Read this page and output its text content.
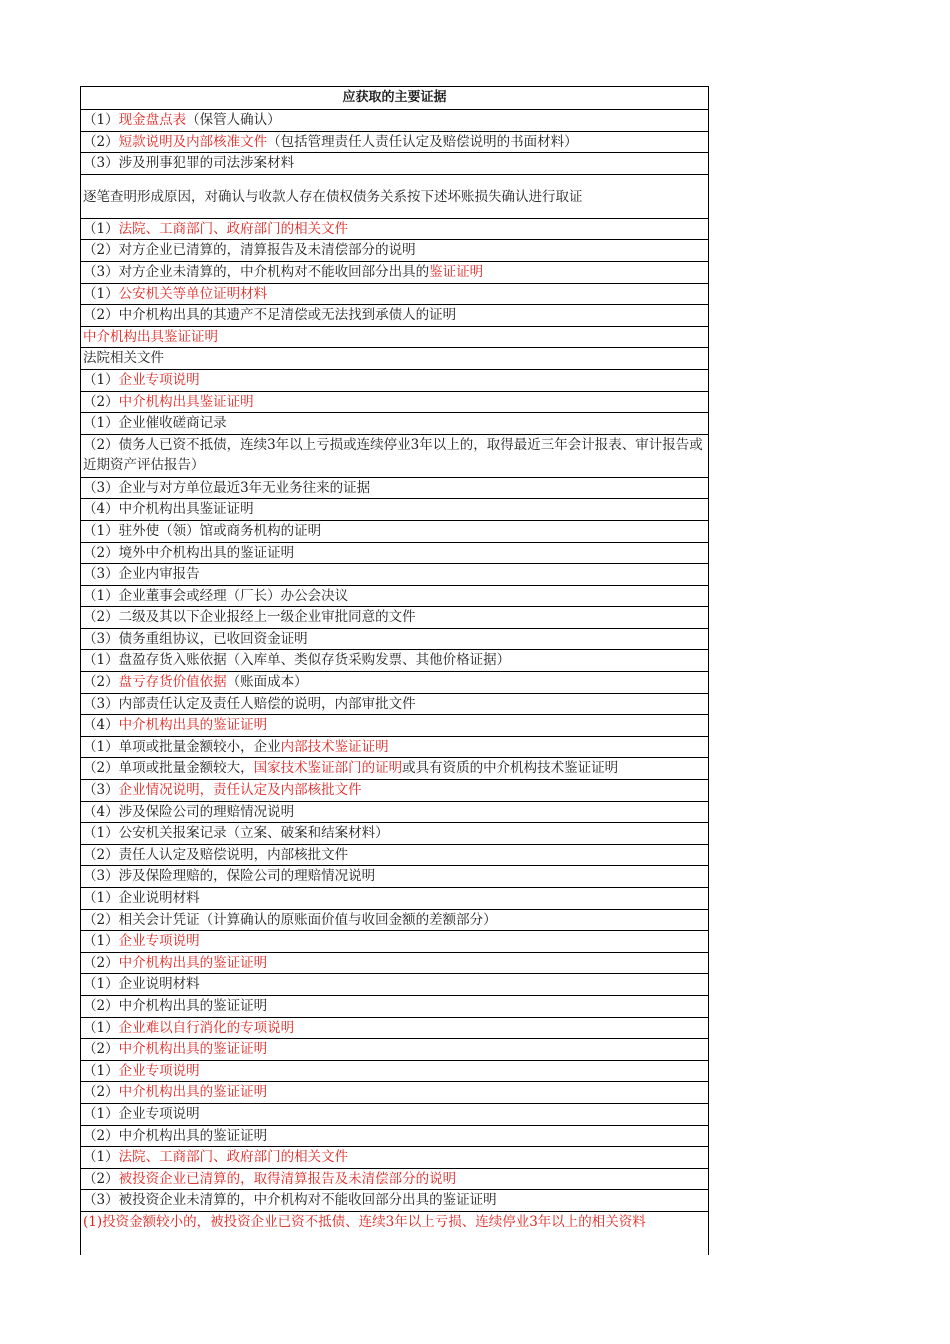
应获取的主要证据
（1）现金盘点表（保管人确认）
（2）短款说明及内部核准文件（包括管理责任人责任认定及赔偿说明的书面材料）
（3）涉及刑事犯罪的司法涉案材料
逐笔查明形成原因，对确认与收款人存在债权债务关系按下述坏账损失确认进行取证
（1）法院、工商部门、政府部门的相关文件
（2）对方企业已清算的，清算报告及未清偿部分的说明
（3）对方企业未清算的，中介机构对不能收回部分出具的鉴证证明
（1）公安机关等单位证明材料
（2）中介机构出具的其遗产不足清偿或无法找到承债人的证明
中介机构出具鉴证证明
法院相关文件
（1）企业专项说明
（2）中介机构出具鉴证证明
（1）企业催收磋商记录
（2）债务人已资不抵债，连续3年以上亏损或连续停业3年以上的，取得最近三年会计报表、审计报告或近期资产评估报告）
（3）企业与对方单位最近3年无业务往来的证据
（4）中介机构出具鉴证证明
（1）驻外使（领）馆或商务机构的证明
（2）境外中介机构出具的鉴证证明
（3）企业内审报告
（1）企业董事会或经理（厂长）办公会决议
（2）二级及其以下企业报经上一级企业审批同意的文件
（3）债务重组协议，已收回资金证明
（1）盘盈存货入账依据（入库单、类似存货采购发票、其他价格证据）
（2）盘亏存货价值依据（账面成本）
（3）内部责任认定及责任人赔偿的说明，内部审批文件
（4）中介机构出具的鉴证证明
（1）单项或批量金额较小，企业内部技术鉴证证明
（2）单项或批量金额较大，国家技术鉴证部门的证明或具有资质的中介机构技术鉴证证明
（3）企业情况说明，责任认定及内部核批文件
（4）涉及保险公司的理赔情况说明
（1）公安机关报案记录（立案、破案和结案材料）
（2）责任人认定及赔偿说明，内部核批文件
（3）涉及保险理赔的，保险公司的理赔情况说明
（1）企业说明材料
（2）相关会计凭证（计算确认的原账面价值与收回金额的差额部分）
（1）企业专项说明
（2）中介机构出具的鉴证证明
（1）企业说明材料
（2）中介机构出具的鉴证证明
（1）企业难以自行消化的专项说明
（2）中介机构出具的鉴证证明
（1）企业专项说明
（2）中介机构出具的鉴证证明
（1）企业专项说明
（2）中介机构出具的鉴证证明
（1）法院、工商部门、政府部门的相关文件
（2）被投资企业已清算的，取得清算报告及未清偿部分的说明
（3）被投资企业未清算的，中介机构对不能收回部分出具的鉴证证明
(1)投资金额较小的，被投资企业已资不抵债、连续3年以上亏损、连续停业3年以上的相关资料
